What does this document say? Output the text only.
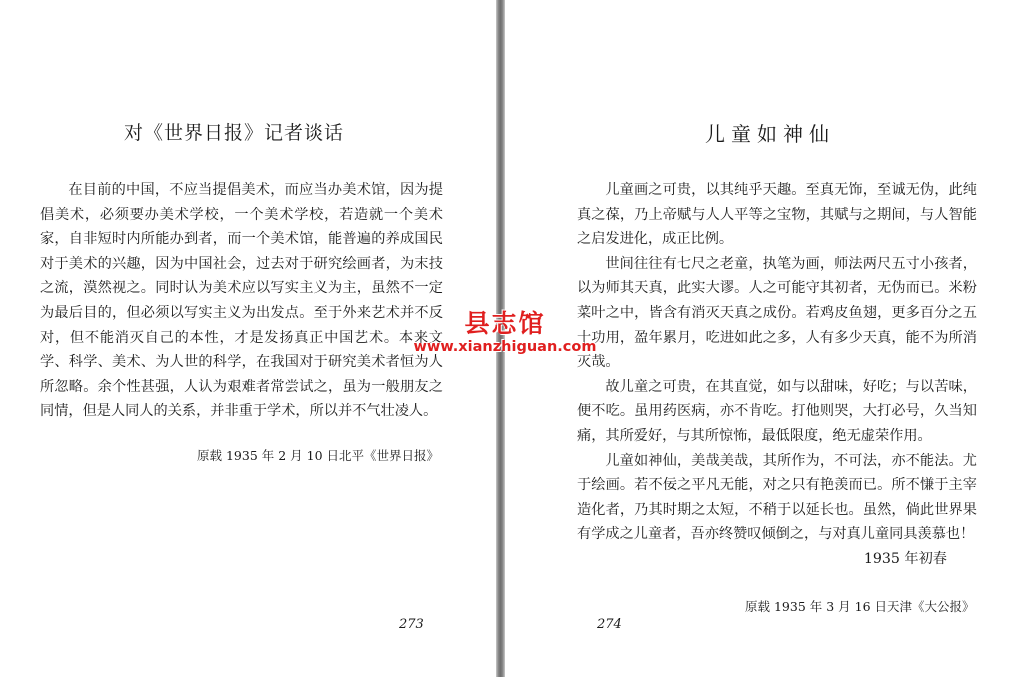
对《世界日报》记者谈话

在目前的中国，不应当提倡美术，而应当办美术馆，因为提倡美术，必须要办美术学校，一个美术学校，若造就一个美术家，自非短时内所能办到者，而一个美术馆，能普遍的养成国民对于美术的兴趣，因为中国社会，过去对于研究绘画者，为末技之流，漠然视之。同时认为美术应以写实主义为主，虽然不一定为最后目的，但必须以写实主义为出发点。至于外来艺术并不反对，但不能消灭自己的本性，才是发扬真正中国艺术。本来文学、科学、美术、为人世的科学，在我国对于研究美术者恒为人所忽略。余个性甚强，人认为艰难者常尝试之，虽为一般朋友之同情，但是人同人的关系，并非重于学术，所以并不气壮凌人。

原载 1935 年 2 月 10 日北平《世界日报》
273
儿童如神仙

儿童画之可贵，以其纯乎天趣。至真无饰，至诚无伪，此纯真之葆，乃上帝赋与人人平等之宝物，其赋与之期间，与人智能之启发进化，成正比例。

世间往往有七尺之老童，执笔为画，师法两尺五寸小孩者，以为师其天真，此实大谬。人之可能守其初者，无伪而已。米粉菜叶之中，皆含有消灭天真之成份。若鸡皮鱼翅，更多百分之五十功用，盈年累月，吃进如此之多，人有多少天真，能不为所消灭哉。

故儿童之可贵，在其直觉，如与以甜味，好吃；与以苦味，便不吃。虽用药医病，亦不肯吃。打他则哭，大打必号，久当知痛，其所爱好，与其所惊怖，最低限度，绝无虚荣作用。

儿童如神仙，美哉美哉，其所作为，不可法，亦不能法。尤于绘画。若不佞之平凡无能，对之只有艳羡而已。所不慊于主宰造化者，乃其时期之太短，不稍于以延长也。虽然，倘此世界果有学成之儿童者，吾亦终赞叹倾倒之，与对真儿童同具羡慕也！

1935 年初春
原载 1935 年 3 月 16 日天津《大公报》
274
县志馆
www.xianzhiguan.com
